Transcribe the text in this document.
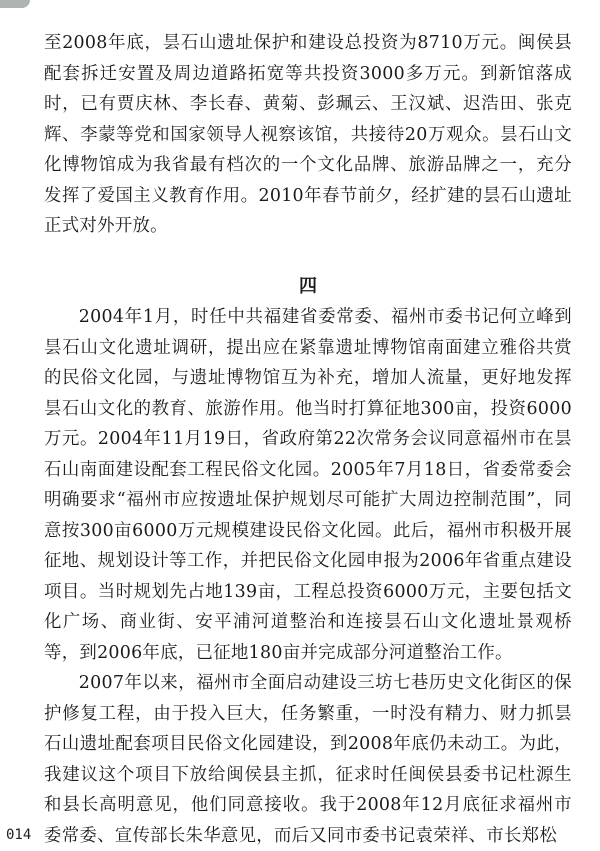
至2008年底，昙石山遗址保护和建设总投资为8710万元。闽侯县配套拆迁安置及周边道路拓宽等共投资3000多万元。到新馆落成时，已有贾庆林、李长春、黄菊、彭珮云、王汉斌、迟浩田、张克辉、李蒙等党和国家领导人视察该馆，共接待20万观众。昙石山文化博物馆成为我省最有档次的一个文化品牌、旅游品牌之一，充分发挥了爱国主义教育作用。2010年春节前夕，经扩建的昙石山遗址正式对外开放。

四

2004年1月，时任中共福建省委常委、福州市委书记何立峰到昙石山文化遗址调研，提出应在紧靠遗址博物馆南面建立雅俗共赏的民俗文化园，与遗址博物馆互为补充，增加人流量，更好地发挥昙石山文化的教育、旅游作用。他当时打算征地300亩，投资6000万元。2004年11月19日，省政府第22次常务会议同意福州市在昙石山南面建设配套工程民俗文化园。2005年7月18日，省委常委会明确要求“福州市应按遗址保护规划尽可能扩大周边控制范围”，同意按300亩6000万元规模建设民俗文化园。此后，福州市积极开展征地、规划设计等工作，并把民俗文化园申报为2006年省重点建设项目。当时规划先占地139亩，工程总投资6000万元，主要包括文化广场、商业街、安平浦河道整治和连接昙石山文化遗址景观桥等，到2006年底，已征地180亩并完成部分河道整治工作。

2007年以来，福州市全面启动建设三坊七巷历史文化街区的保护修复工程，由于投入巨大，任务繁重，一时没有精力、财力抓昙石山遗址配套项目民俗文化园建设，到2008年底仍未动工。为此，我建议这个项目下放给闽侯县主抓，征求时任闽侯县委书记杜源生和县长高明意见，他们同意接收。我于2008年12月底征求福州市委常委、宣传部长朱华意见，而后又同市委书记袁荣祥、市长郑松

014
